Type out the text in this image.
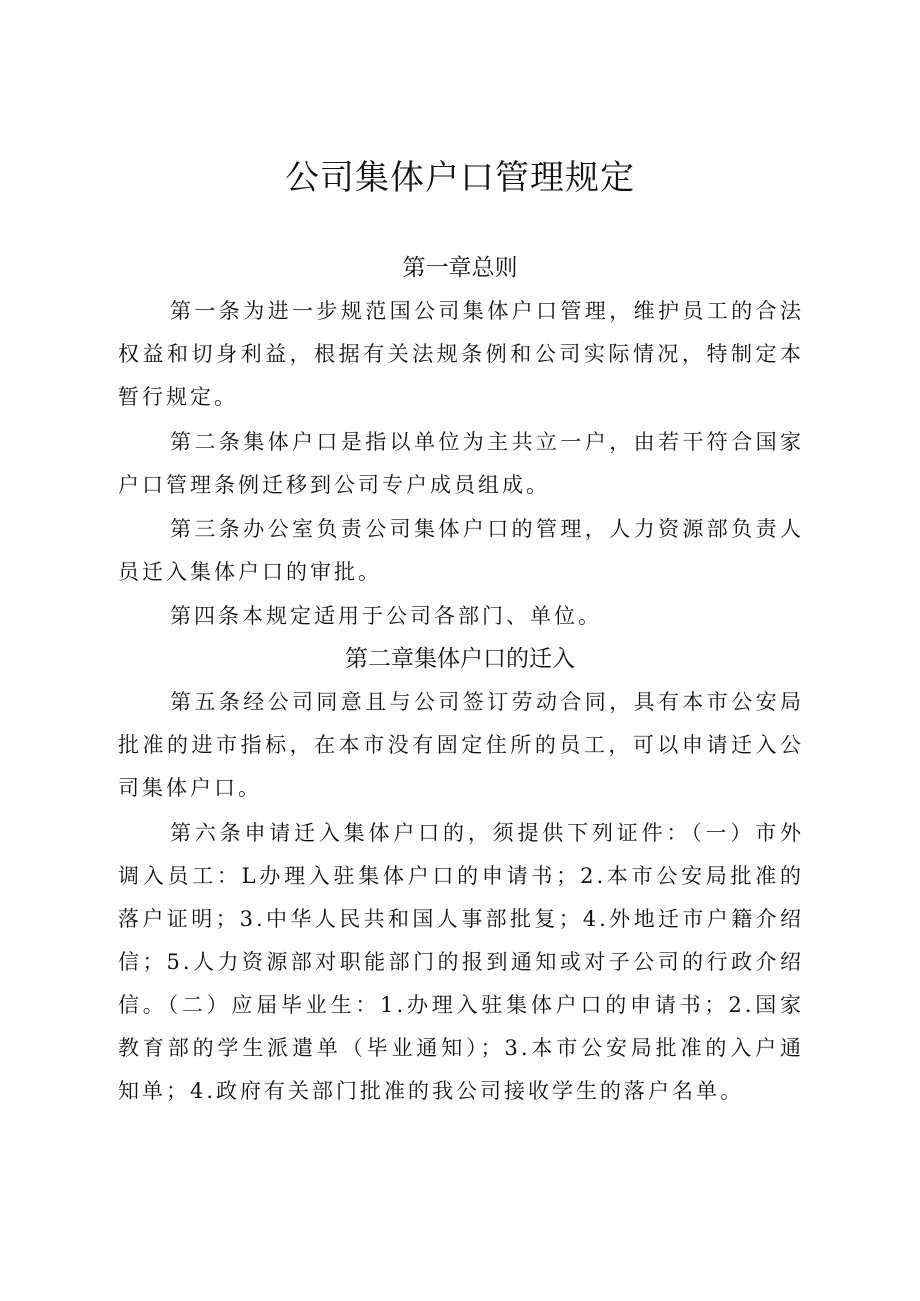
公司集体户口管理规定
第一章总则

第一条为进一步规范国公司集体户口管理，维护员工的合法权益和切身利益，根据有关法规条例和公司实际情况，特制定本暂行规定。

第二条集体户口是指以单位为主共立一户，由若干符合国家户口管理条例迁移到公司专户成员组成。

第三条办公室负责公司集体户口的管理，人力资源部负责人员迁入集体户口的审批。

第四条本规定适用于公司各部门、单位。

第二章集体户口的迁入

第五条经公司同意且与公司签订劳动合同，具有本市公安局批准的进市指标，在本市没有固定住所的员工，可以申请迁入公司集体户口。

第六条申请迁入集体户口的，须提供下列证件：（一）市外调入员工：L办理入驻集体户口的申请书；2.本市公安局批准的落户证明；3.中华人民共和国人事部批复；4.外地迁市户籍介绍信；5.人力资源部对职能部门的报到通知或对子公司的行政介绍信。（二）应届毕业生：1.办理入驻集体户口的申请书；2.国家教育部的学生派遣单（毕业通知）；3.本市公安局批准的入户通知单；4.政府有关部门批准的我公司接收学生的落户名单。
